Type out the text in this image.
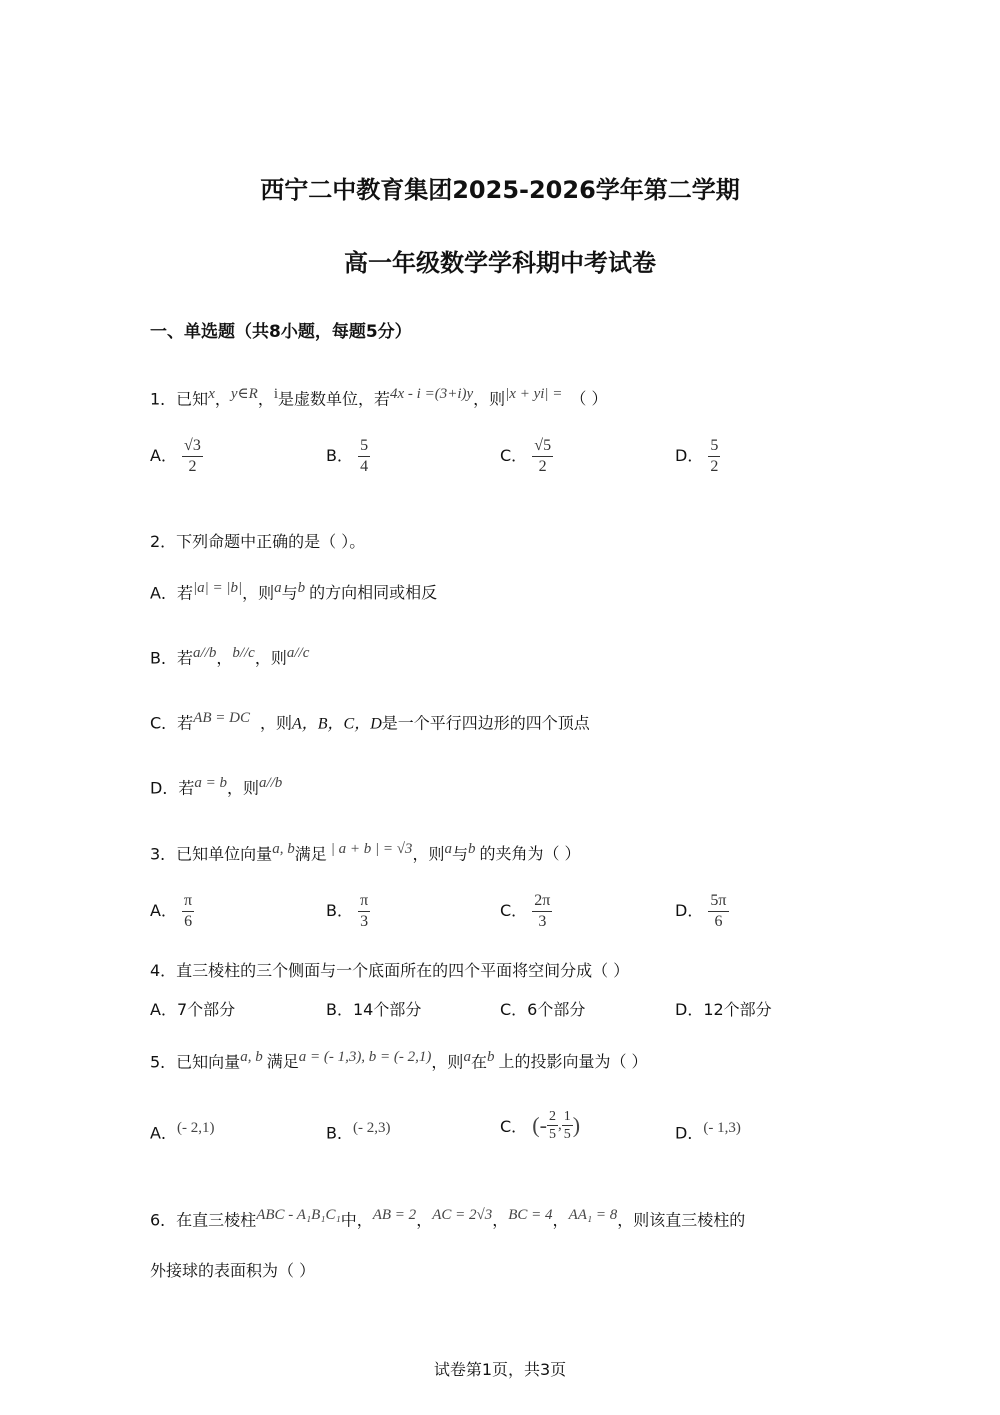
西宁二中教育集团2025-2026学年第二学期
高一年级数学学科期中考试卷
一、单选题（共8小题，每题5分）
1．已知$^x$，$^{y\in R}$，$^i$是虚数单位，若$^{4x - i =(3+i)y}$，则$^{|x + yi| =}$ （ ）
A． $\frac{√3}{2}$	B． $\frac{5}{4}$	C． $\frac{√5}{2}$	D． $\frac{5}{2}$
2．下列命题中正确的是（ ）。
A．若$^{|a| = |b|}$，则$^a$与$^b$ 的方向相同或相反
B．若$^{a//b}$，$^{b//c}$，则$^{a//c}$
C．若$^{AB = DC}$ ，则A，B，C，D是一个平行四边形的四个顶点
D．若$^{a = b}$，则$^{a//b}$
3．已知单位向量$^{a, b}$满足 $^{| a + b | = √3}$，则$^a$与$^b$ 的夹角为（ ）
A． $\frac{\pi}{6}$	B． $\frac{\pi}{3}$	C． $\frac{2\pi}{3}$	D． $\frac{5\pi}{6}$
4．直三棱柱的三个侧面与一个底面所在的四个平面将空间分成（ ）
A．7个部分	B．14个部分	C．6个部分	D．12个部分
5．已知向量$^{a, b}$ 满足$^{a = (- 1,3), b = (- 2,1)}$，则$^a$在$^b$ 上的投影向量为（ ）
A．$^{(- 2,1)}$	B．$^{(- 2,3)}$	C． (- $\frac{2}{5}$ , $\frac{1}{5}$ )	D．$^{(- 1,3)}$
6．在直三棱柱$^{ABC - A_1B_1C_1}$中，$^{AB = 2}$，$^{AC = 2√3}$，$^{BC = 4}$，$^{AA_1 = 8}$，则该直三棱柱的
外接球的表面积为（ ）
试卷第1页，共3页
